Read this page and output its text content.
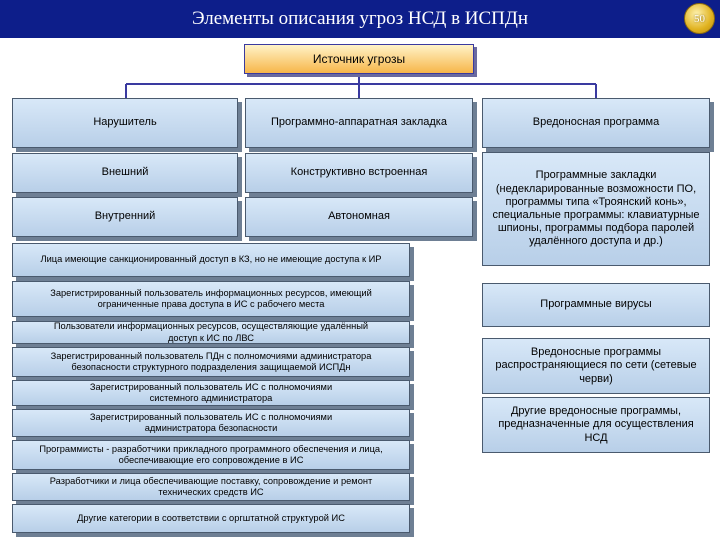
Элементы описания угроз НСД в ИСПДн	50
Источник угрозы
Нарушитель	Программно-аппаратная закладка	Вредоносная программа
Внешний
Внутренний
Конструктивно встроенная
Автономная
Программные закладки (недекларированные возможности ПО, программы типа «Троянский конь», специальные программы: клавиатурные шпионы, программы подбора паролей удалённого доступа и др.)
Программные вирусы
Вредоносные программы распространяющиеся по сети (сетевые черви)
Другие вредоносные программы, предназначенные для осуществления НСД
Лица имеющие санкционированный доступ в КЗ, но не имеющие доступа к ИР
Зарегистрированный пользователь информационных ресурсов, имеющий ограниченные права доступа в ИС с рабочего места
Пользователи информационных ресурсов, осуществляющие удалённый доступ к ИС по ЛВС
Зарегистрированный пользователь ПДн с полномочиями администратора безопасности структурного подразделения защищаемой ИСПДн
Зарегистрированный пользователь ИС с полномочиями системного администратора
Зарегистрированный пользователь ИС с полномочиями администратора безопасности
Программисты - разработчики прикладного программного обеспечения и лица, обеспечивающие его сопровождение в ИС
Разработчики и лица обеспечивающие поставку, сопровождение и ремонт технических средств ИС
Другие категории в соответствии с оргштатной структурой ИС
